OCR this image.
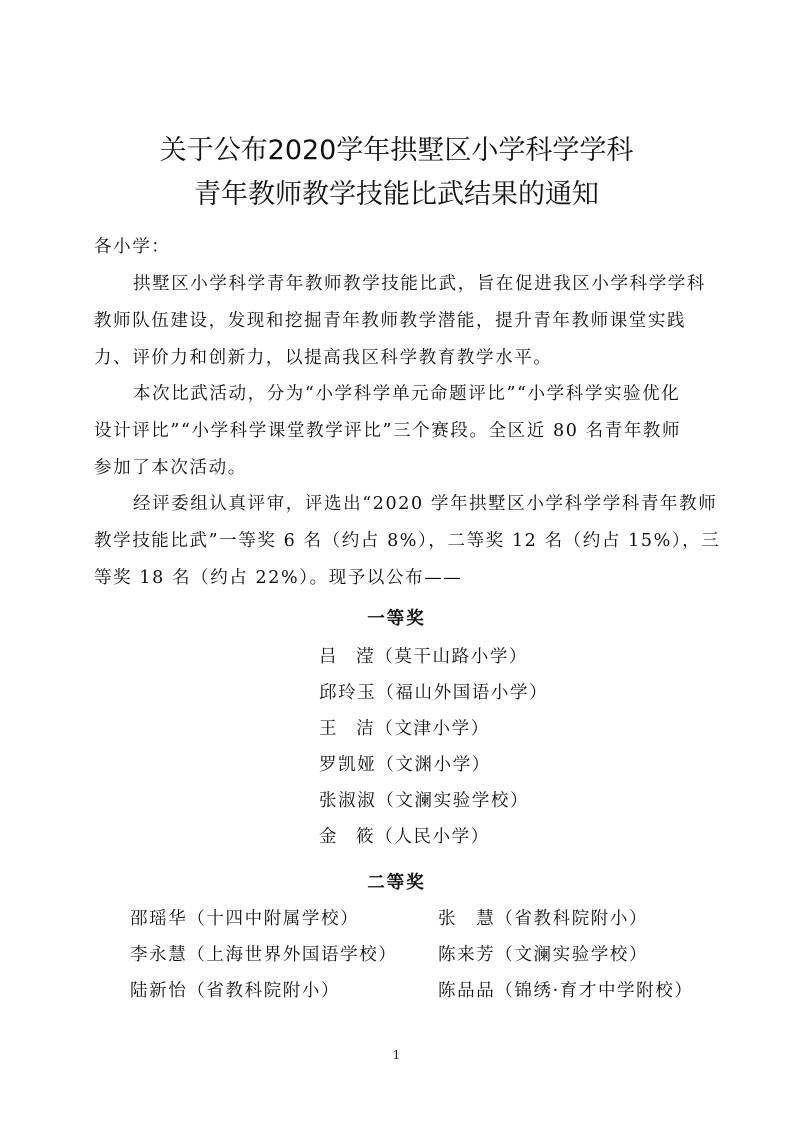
关于公布2020学年拱墅区小学科学学科
青年教师教学技能比武结果的通知
各小学：
拱墅区小学科学青年教师教学技能比武，旨在促进我区小学科学学科
教师队伍建设，发现和挖掘青年教师教学潜能，提升青年教师课堂实践
力、评价力和创新力，以提高我区科学教育教学水平。
本次比武活动，分为“小学科学单元命题评比”“小学科学实验优化
设计评比”“小学科学课堂教学评比”三个赛段。全区近 80 名青年教师
参加了本次活动。
经评委组认真评审，评选出“2020 学年拱墅区小学科学学科青年教师
教学技能比武”一等奖 6 名（约占 8%），二等奖 12 名（约占 15%），三
等奖 18 名（约占 22%）。现予以公布——
一等奖
吕 滢（莫干山路小学）
邱玲玉（福山外国语小学）
王 洁（文津小学）
罗凯娅（文渊小学）
张淑淑（文澜实验学校）
金 筱（人民小学）
二等奖
邵瑶华（十四中附属学校）	张　慧（省教科院附小）
李永慧（上海世界外国语学校）	陈来芳（文澜实验学校）
陆新怡（省教科院附小）	陈品品（锦绣·育才中学附校）
1
